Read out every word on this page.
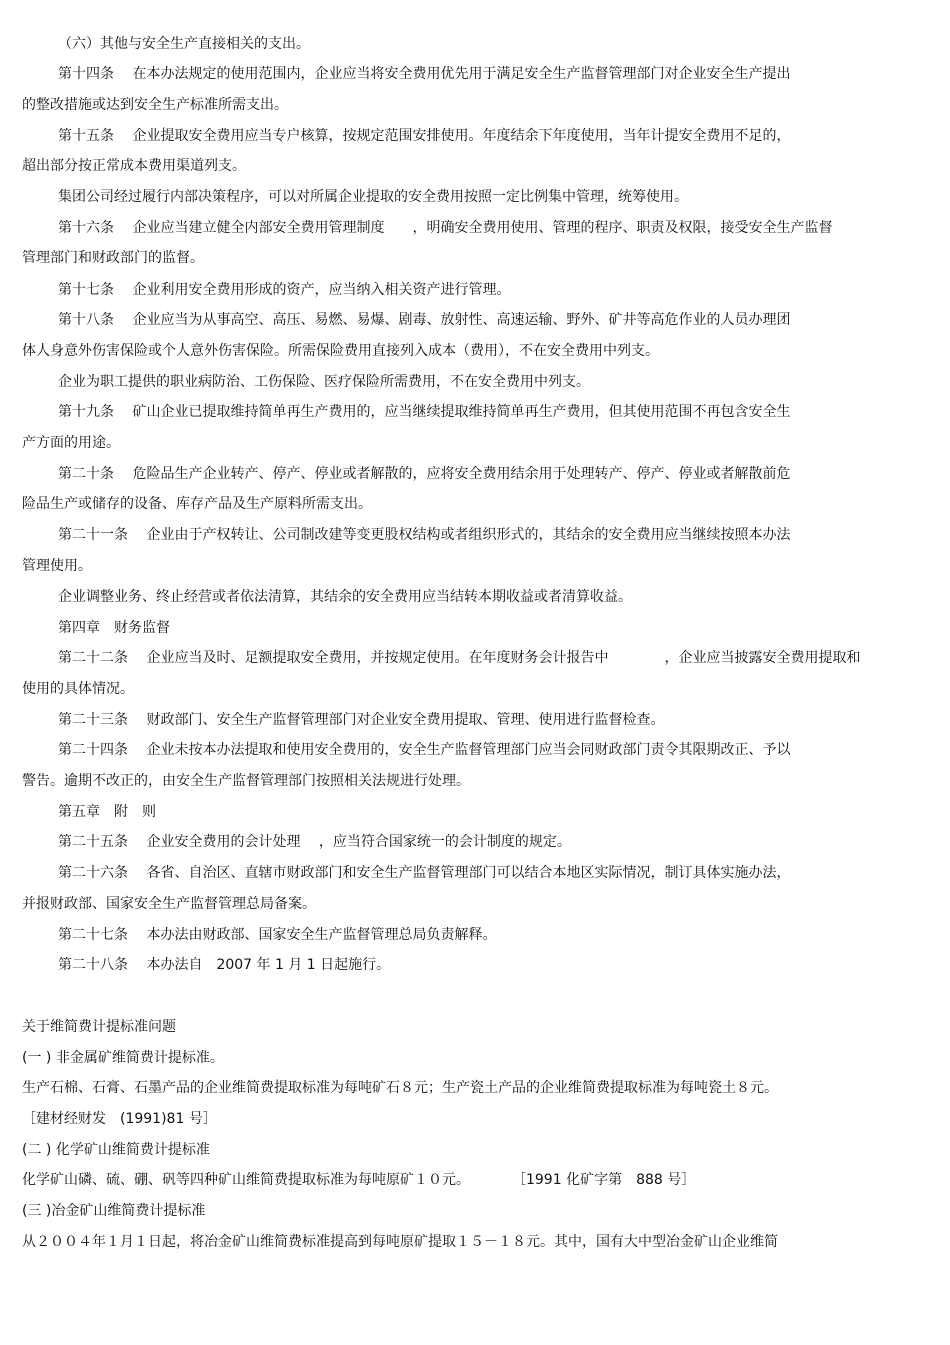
（六）其他与安全生产直接相关的支出。
第十四条　 在本办法规定的使用范围内，企业应当将安全费用优先用于满足安全生产监督管理部门对企业安全生产提出
的整改措施或达到安全生产标准所需支出。
第十五条　 企业提取安全费用应当专户核算，按规定范围安排使用。年度结余下年度使用，当年计提安全费用不足的，
超出部分按正常成本费用渠道列支。
集团公司经过履行内部决策程序，可以对所属企业提取的安全费用按照一定比例集中管理，统筹使用。
第十六条　 企业应当建立健全内部安全费用管理制度　　，明确安全费用使用、管理的程序、职责及权限，接受安全生产监督
管理部门和财政部门的监督。
第十七条　 企业利用安全费用形成的资产，应当纳入相关资产进行管理。
第十八条　 企业应当为从事高空、高压、易燃、易爆、剧毒、放射性、高速运输、野外、矿井等高危作业的人员办理团
体人身意外伤害保险或个人意外伤害保险。所需保险费用直接列入成本（费用），不在安全费用中列支。
企业为职工提供的职业病防治、工伤保险、医疗保险所需费用，不在安全费用中列支。
第十九条　 矿山企业已提取维持简单再生产费用的，应当继续提取维持简单再生产费用，但其使用范围不再包含安全生
产方面的用途。
第二十条　 危险品生产企业转产、停产、停业或者解散的，应将安全费用结余用于处理转产、停产、停业或者解散前危
险品生产或储存的设备、库存产品及生产原料所需支出。
第二十一条　 企业由于产权转让、公司制改建等变更股权结构或者组织形式的，其结余的安全费用应当继续按照本办法
管理使用。
企业调整业务、终止经营或者依法清算，其结余的安全费用应当结转本期收益或者清算收益。
第四章　财务监督
第二十二条　 企业应当及时、足额提取安全费用，并按规定使用。在年度财务会计报告中　　　　，企业应当披露安全费用提取和
使用的具体情况。
第二十三条　 财政部门、安全生产监督管理部门对企业安全费用提取、管理、使用进行监督检查。
第二十四条　 企业未按本办法提取和使用安全费用的，安全生产监督管理部门应当会同财政部门责令其限期改正、予以
警告。逾期不改正的，由安全生产监督管理部门按照相关法规进行处理。
第五章　附　则
第二十五条　 企业安全费用的会计处理　 ，应当符合国家统一的会计制度的规定。
第二十六条　 各省、自治区、直辖市财政部门和安全生产监督管理部门可以结合本地区实际情况，制订具体实施办法，
并报财政部、国家安全生产监督管理总局备案。
第二十七条　 本办法由财政部、国家安全生产监督管理总局负责解释。
第二十八条　 本办法自　2007 年 1 月 1 日起施行。
关于维简费计提标准问题
(一 ) 非金属矿维简费计提标准。
生产石棉、石膏、石墨产品的企业维简费提取标准为每吨矿石８元；生产瓷土产品的企业维简费提取标准为每吨瓷土８元。
［建材经财发　(1991)81 号］
(二 ) 化学矿山维简费计提标准
化学矿山磷、硫、硼、矾等四种矿山维简费提取标准为每吨原矿１０元。　　　　［1991 化矿字第　888 号］
(三 )冶金矿山维简费计提标准
从２００４年１月１日起，将冶金矿山维简费标准提高到每吨原矿提取１５－１８元。其中，国有大中型冶金矿山企业维简
